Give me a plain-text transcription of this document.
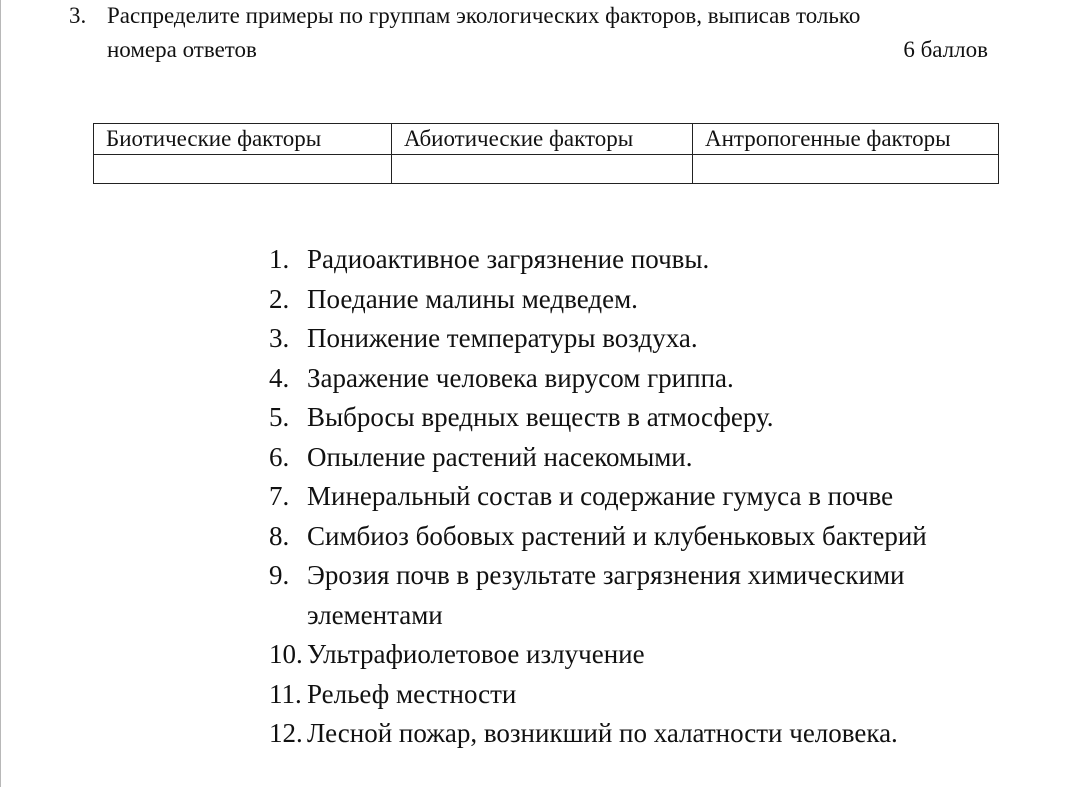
3. Распределите примеры по группам экологических факторов, выписав только
номера ответов	6 баллов
Биотические факторы	Абиотические факторы	Антропогенные факторы

1. Радиоактивное загрязнение почвы.
2. Поедание малины медведем.
3. Понижение температуры воздуха.
4. Заражение человека вирусом гриппа.
5. Выбросы вредных веществ в атмосферу.
6. Опыление растений насекомыми.
7. Минеральный состав и содержание гумуса в почве
8. Симбиоз бобовых растений и клубеньковых бактерий
9. Эрозия почв в результате загрязнения химическими
элементами
10. Ультрафиолетовое излучение
11. Рельеф местности
12. Лесной пожар, возникший по халатности человека.
